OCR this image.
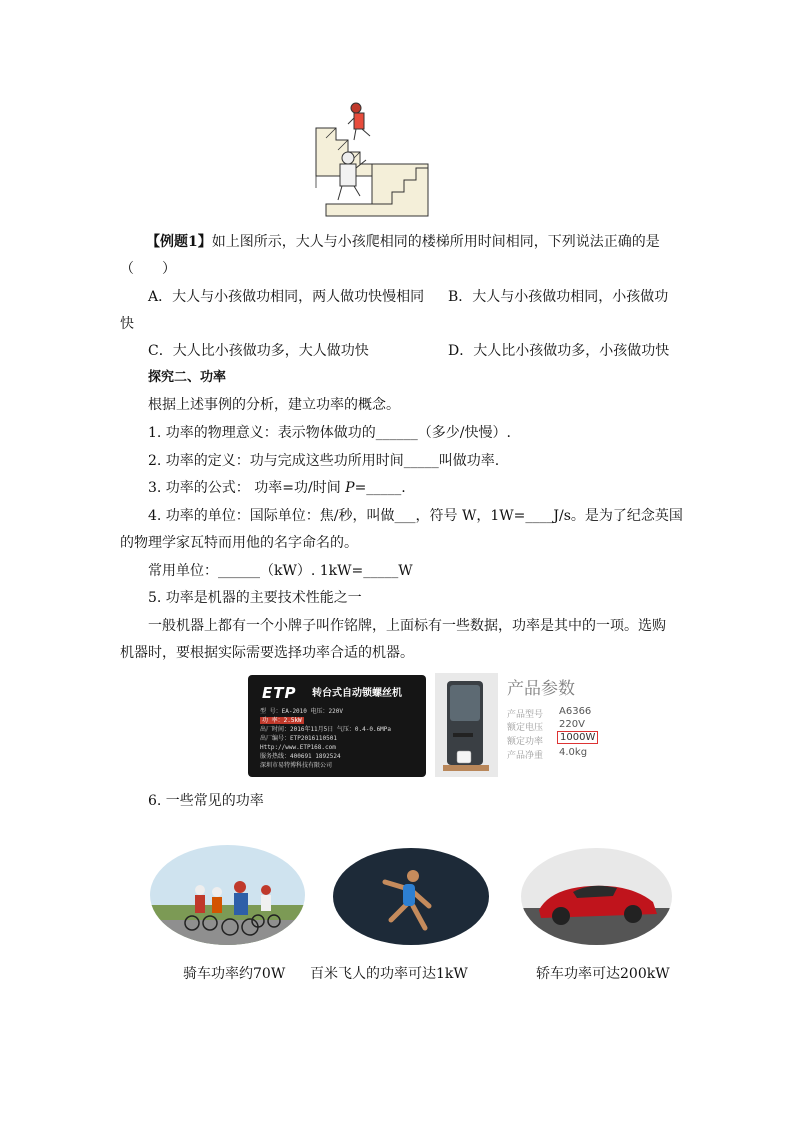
【例题1】如上图所示，大人与小孩爬相同的楼梯所用时间相同，下列说法正确的是
（　　）
A．大人与小孩做功相同，两人做功快慢相同 B．大人与小孩做功相同，小孩做功
快
C．大人比小孩做功多，大人做功快	D．大人比小孩做功多，小孩做功快
探究二、功率
根据上述事例的分析，建立功率的概念。
1. 功率的物理意义：表示物体做功的______（多少/快慢）.
2. 功率的定义：功与完成这些功所用时间_____叫做功率.
3. 功率的公式： 功率=功/时间 P=_____.
4. 功率的单位：国际单位：焦/秒，叫做___，符号 W，1W=____J/s。是为了纪念英国
的物理学家瓦特而用他的名字命名的。
常用单位：______（kW）. 1kW=_____W
5. 功率是机器的主要技术性能之一
一般机器上都有一个小牌子叫作铭牌，上面标有一些数据，功率是其中的一项。选购
机器时，要根据实际需要选择功率合适的机器。
ETP 转台式自动锁螺丝机
型 号：EA-2010 电压：220V
功 率：2.5kW
出厂时间：2016年11月5日 气压：0.4-0.6MPa
出厂编号：ETP2016110501
Http://www.ETP168.com
服务热线：400691 1892524
深圳市易特博科技有限公司
产品参数
产品型号 A6366
额定电压 220V
额定功率	1000W
产品净重 4.0kg
6. 一些常见的功率
骑车功率约70W 百米飞人的功率可达1kW	轿车功率可达200kW
